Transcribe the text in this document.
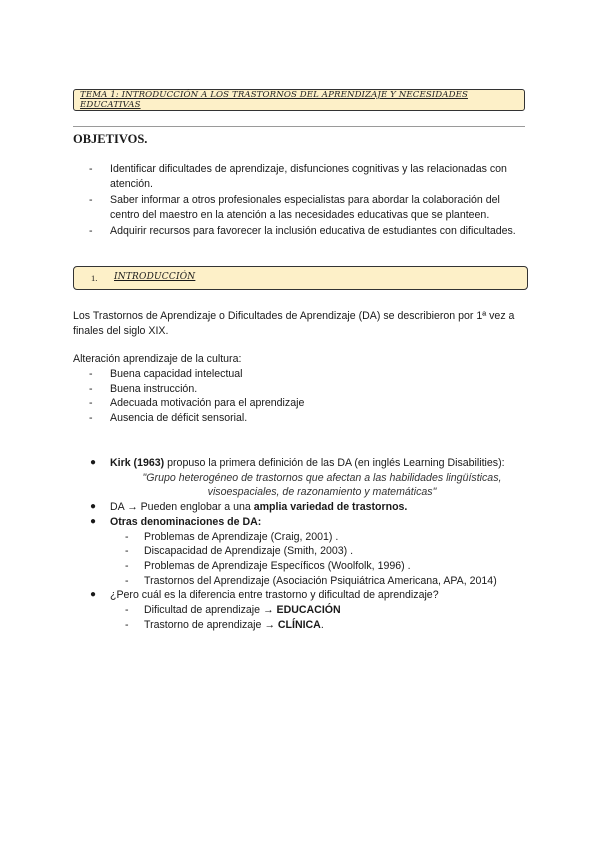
TEMA 1: INTRODUCCIÓN A LOS TRASTORNOS DEL APRENDIZAJE Y NECESIDADES EDUCATIVAS
OBJETIVOS.
- Identificar dificultades de aprendizaje, disfunciones cognitivas y las relacionadas con atención.
- Saber informar a otros profesionales especialistas para abordar la colaboración del centro del maestro en la atención a las necesidades educativas que se planteen.
- Adquirir recursos para favorecer la inclusión educativa de estudiantes con dificultades.
1. INTRODUCCIÓN
Los Trastornos de Aprendizaje o Dificultades de Aprendizaje (DA) se describieron por 1ª vez a finales del siglo XIX.
Alteración aprendizaje de la cultura:
- Buena capacidad intelectual
- Buena instrucción.
- Adecuada motivación para el aprendizaje
- Ausencia de déficit sensorial.
● Kirk (1963) propuso la primera definición de las DA (en inglés Learning Disabilities):
"Grupo heterogéneo de trastornos que afectan a las habilidades lingüísticas, visoespaciales, de razonamiento y matemáticas"
● DA → Pueden englobar a una amplia variedad de trastornos.
● Otras denominaciones de DA:
- Problemas de Aprendizaje (Craig, 2001) .
- Discapacidad de Aprendizaje (Smith, 2003) .
- Problemas de Aprendizaje Específicos (Woolfolk, 1996) .
- Trastornos del Aprendizaje (Asociación Psiquiátrica Americana, APA, 2014)
● ¿Pero cuál es la diferencia entre trastorno y dificultad de aprendizaje?
- Dificultad de aprendizaje → EDUCACIÓN
- Trastorno de aprendizaje → CLÍNICA.
